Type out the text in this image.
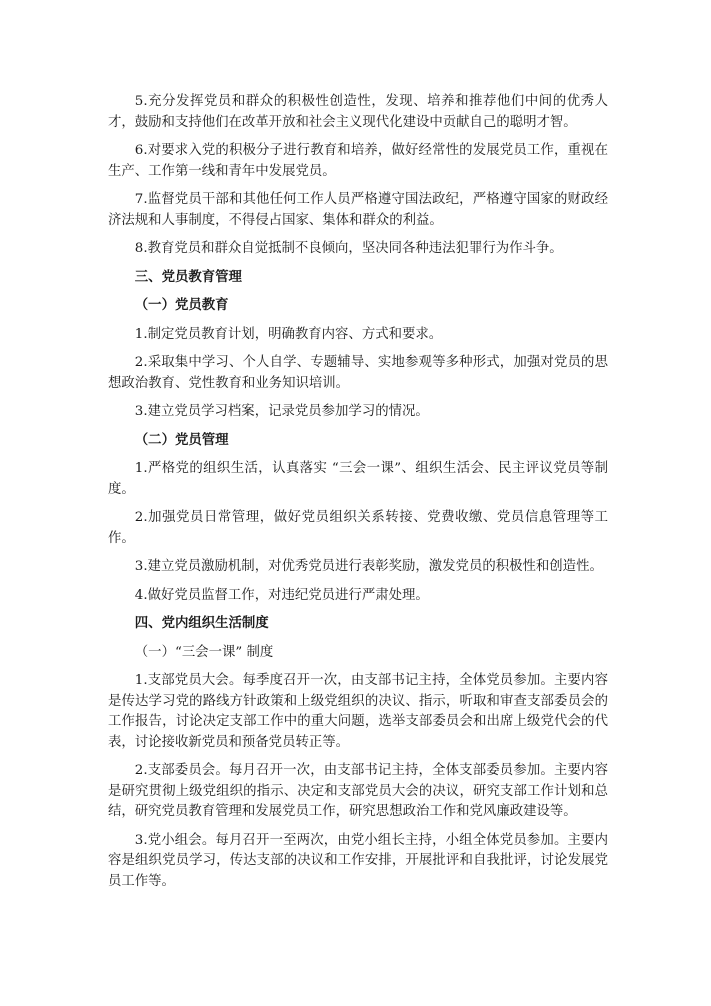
5.充分发挥党员和群众的积极性创造性，发现、培养和推荐他们中间的优秀人才，鼓励和支持他们在改革开放和社会主义现代化建设中贡献自己的聪明才智。

6.对要求入党的积极分子进行教育和培养，做好经常性的发展党员工作，重视在生产、工作第一线和青年中发展党员。

7.监督党员干部和其他任何工作人员严格遵守国法政纪，严格遵守国家的财政经济法规和人事制度，不得侵占国家、集体和群众的利益。

8.教育党员和群众自觉抵制不良倾向，坚决同各种违法犯罪行为作斗争。

三、党员教育管理

（一）党员教育

1.制定党员教育计划，明确教育内容、方式和要求。

2.采取集中学习、个人自学、专题辅导、实地参观等多种形式，加强对党员的思想政治教育、党性教育和业务知识培训。

3.建立党员学习档案，记录党员参加学习的情况。

（二）党员管理

1.严格党的组织生活，认真落实 “三会一课”、组织生活会、民主评议党员等制度。

2.加强党员日常管理，做好党员组织关系转接、党费收缴、党员信息管理等工作。

3.建立党员激励机制，对优秀党员进行表彰奖励，激发党员的积极性和创造性。

4.做好党员监督工作，对违纪党员进行严肃处理。

四、党内组织生活制度

（一）“三会一课” 制度

1.支部党员大会。每季度召开一次，由支部书记主持，全体党员参加。主要内容是传达学习党的路线方针政策和上级党组织的决议、指示，听取和审查支部委员会的工作报告，讨论决定支部工作中的重大问题，选举支部委员会和出席上级党代会的代表，讨论接收新党员和预备党员转正等。

2.支部委员会。每月召开一次，由支部书记主持，全体支部委员参加。主要内容是研究贯彻上级党组织的指示、决定和支部党员大会的决议，研究支部工作计划和总结，研究党员教育管理和发展党员工作，研究思想政治工作和党风廉政建设等。

3.党小组会。每月召开一至两次，由党小组长主持，小组全体党员参加。主要内容是组织党员学习，传达支部的决议和工作安排，开展批评和自我批评，讨论发展党员工作等。
